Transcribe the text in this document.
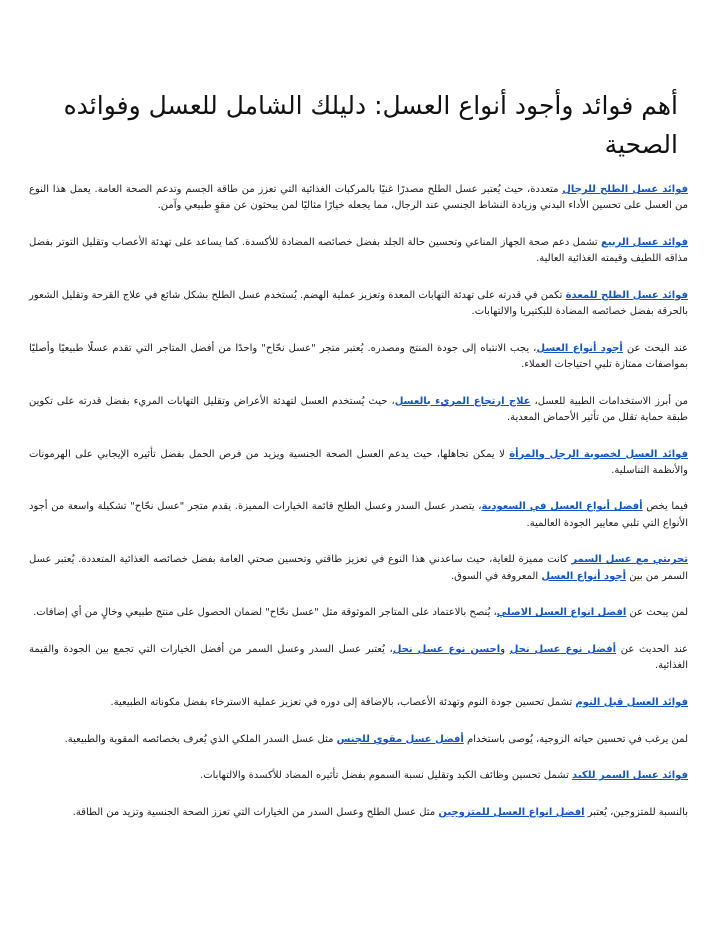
أهم فوائد وأجود أنواع العسل: دليلك الشامل للعسل وفوائده الصحية

فوائد عسل الطلح للرجال متعددة، حيث يُعتبر عسل الطلح مصدرًا غنيًا بالمركبات الغذائية التي تعزز من طاقة الجسم وتدعم الصحة العامة. يعمل هذا النوع من العسل على تحسين الأداء البدني وزيادة النشاط الجنسي عند الرجال، مما يجعله خيارًا مثاليًا لمن يبحثون عن مقوٍ طبيعي وآمن.

فوائد عسل الربيع تشمل دعم صحة الجهاز المناعي وتحسين حالة الجلد بفضل خصائصه المضادة للأكسدة. كما يساعد على تهدئة الأعصاب وتقليل التوتر بفضل مذاقه اللطيف وقيمته الغذائية العالية.

فوائد عسل الطلح للمعدة تكمن في قدرته على تهدئة التهابات المعدة وتعزيز عملية الهضم. يُستخدم عسل الطلح بشكل شائع في علاج القرحة وتقليل الشعور بالحرقة بفضل خصائصه المضادة للبكتيريا والالتهابات.

عند البحث عن أجود أنواع العسل، يجب الانتباه إلى جودة المنتج ومصدره. يُعتبر متجر "عسل نحّاح" واحدًا من أفضل المتاجر التي تقدم عسلًا طبيعيًا وأصليًا بمواصفات ممتازة تلبي احتياجات العملاء.

من أبرز الاستخدامات الطبية للعسل، علاج ارتجاع المريء بالعسل، حيث يُستخدم العسل لتهدئة الأعراض وتقليل التهابات المريء بفضل قدرته على تكوين طبقة حماية تقلل من تأثير الأحماض المعدية.

فوائد العسل لخصوبة الرجل والمرأة لا يمكن تجاهلها، حيث يدعم العسل الصحة الجنسية ويزيد من فرص الحمل بفضل تأثيره الإيجابي على الهرمونات والأنظمة التناسلية.

فيما يخص أفضل أنواع العسل في السعودية، يتصدر عسل السدر وعسل الطلح قائمة الخيارات المميزة. يقدم متجر "عسل نحّاح" تشكيلة واسعة من أجود الأنواع التي تلبي معايير الجودة العالمية.

تجربتي مع عسل السمر كانت مميزة للغاية، حيث ساعدني هذا النوع في تعزيز طاقتي وتحسين صحتي العامة بفضل خصائصه الغذائية المتعددة. يُعتبر عسل السمر من بين أجود أنواع العسل المعروفة في السوق.

لمن يبحث عن افضل انواع العسل الاصلي، يُنصح بالاعتماد على المتاجر الموثوقة مثل "عسل نحّاح" لضمان الحصول على منتج طبيعي وخالٍ من أي إضافات.

عند الحديث عن أفضل نوع عسل نحل واحسن نوع عسل نحل، يُعتبر عسل السدر وعسل السمر من أفضل الخيارات التي تجمع بين الجودة والقيمة الغذائية.

فوائد العسل قبل النوم تشمل تحسين جودة النوم وتهدئة الأعصاب، بالإضافة إلى دوره في تعزيز عملية الاسترخاء بفضل مكوناته الطبيعية.

لمن يرغب في تحسين حياته الزوجية، يُوصى باستخدام أفضل عسل مقوي للجنس مثل عسل السدر الملكي الذي يُعرف بخصائصه المقوية والطبيعية.

فوائد عسل السمر للكبد تشمل تحسين وظائف الكبد وتقليل نسبة السموم بفضل تأثيره المضاد للأكسدة والالتهابات.

بالنسبة للمتزوجين، يُعتبر افضل انواع العسل للمتزوجين مثل عسل الطلح وعسل السدر من الخيارات التي تعزز الصحة الجنسية وتزيد من الطاقة.
